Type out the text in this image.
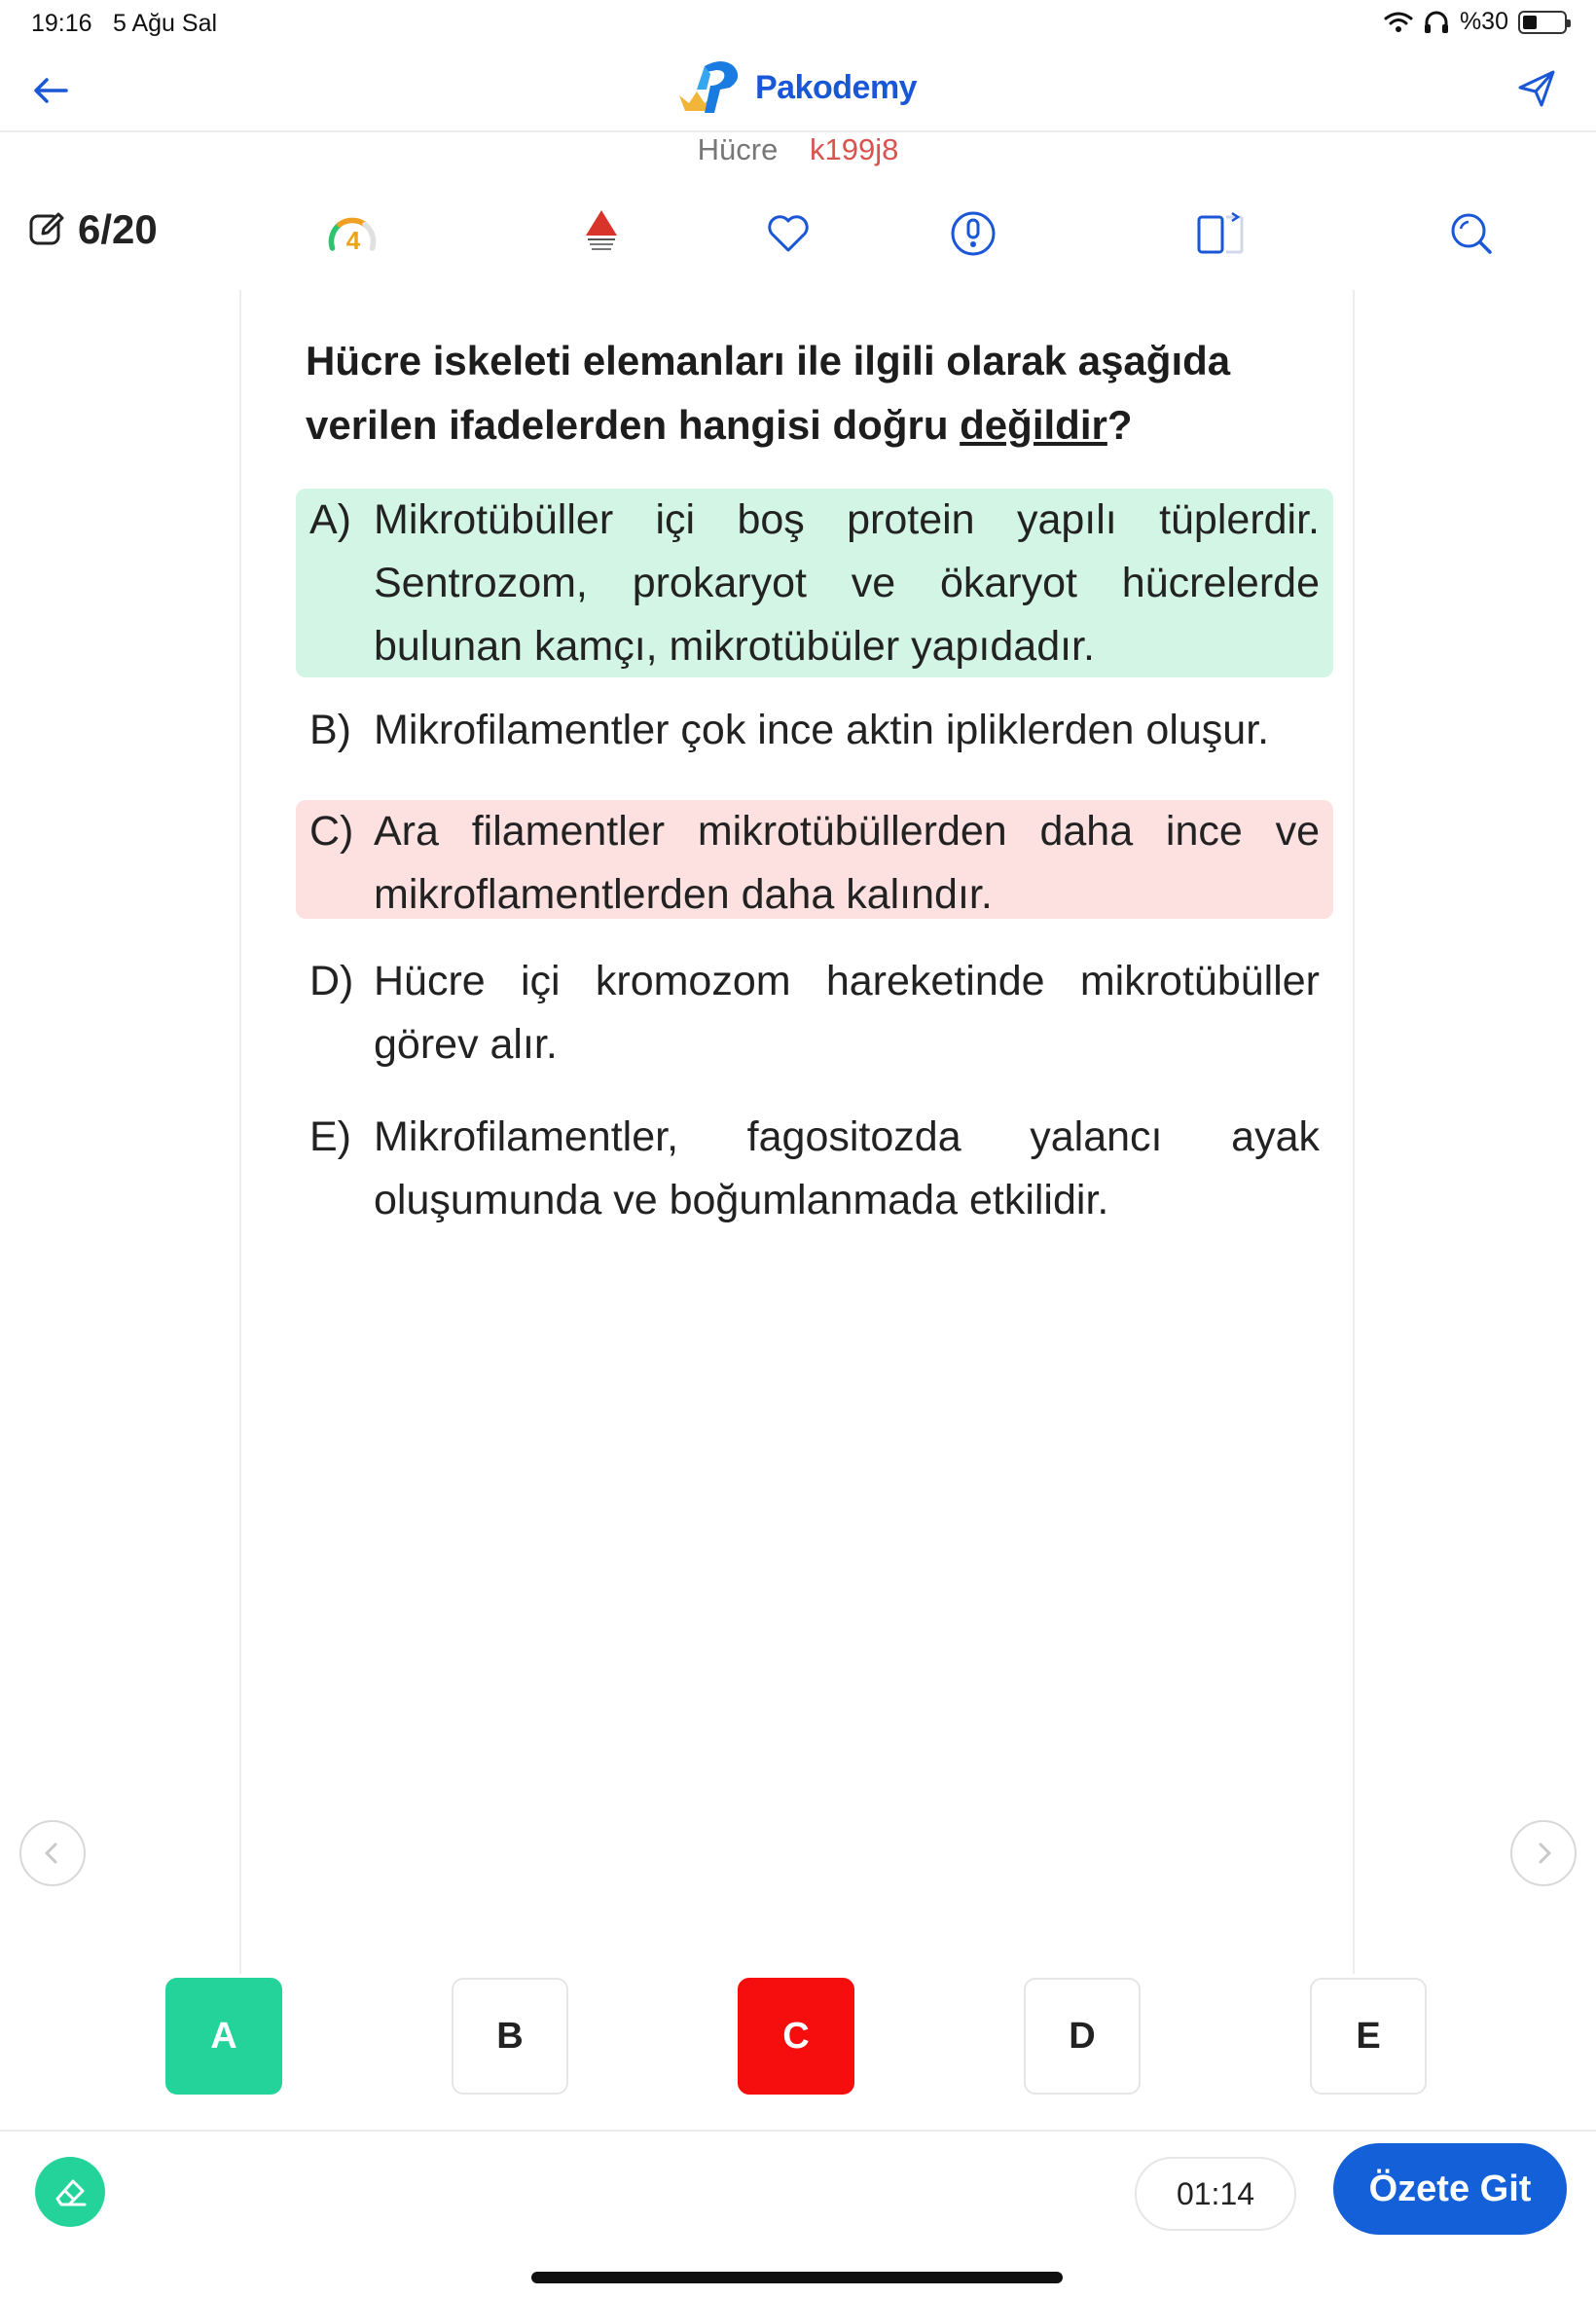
19:16 5 Ağu Sal	%30
Pakodemy
Hücre k199j8
6/20	4
Hücre iskeleti elemanları ile ilgili olarak aşağıda verilen ifadelerden hangisi doğru değildir?
A) Mikrotübüller içi boş protein yapılı tüplerdir. Sentrozom, prokaryot ve ökaryot hücrelerde bulunan kamçı, mikrotübüler yapıdadır.
B) Mikrofilamentler çok ince aktin ipliklerden oluşur.
C) Ara filamentler mikrotübüllerden daha ince ve mikroflamentlerden daha kalındır.
D) Hücre içi kromozom hareketinde mikrotübüller görev alır.
E) Mikrofilamentler, fagositozda yalancı ayak oluşumunda ve boğumlanmada etkilidir.
A	B	C	D	E
01:14	Özete Git
